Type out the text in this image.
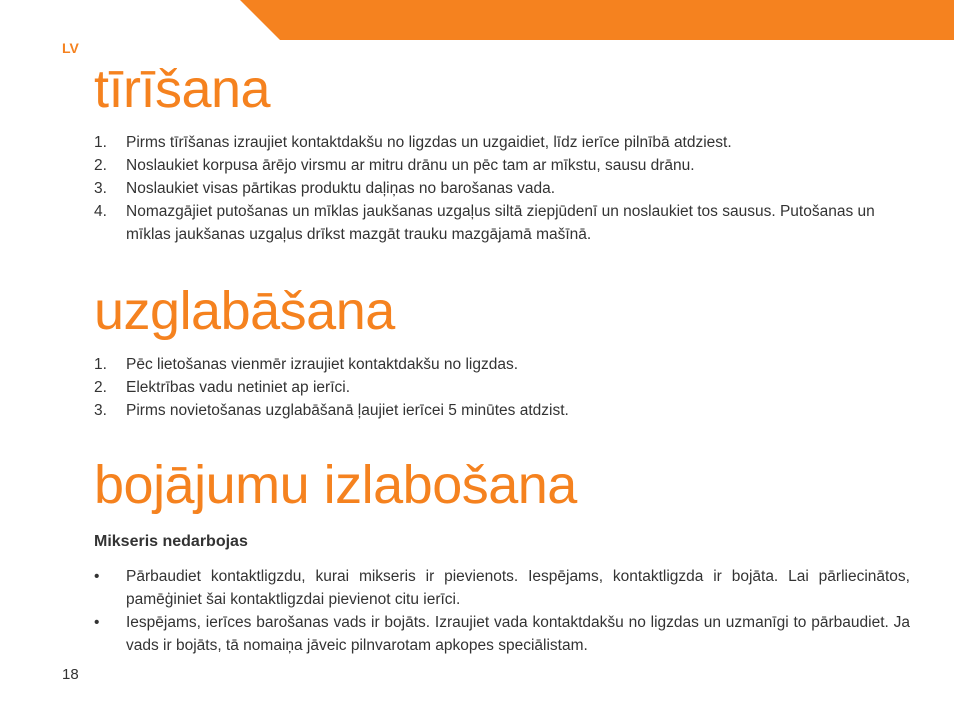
LV
tīrīšana
1. Pirms tīrīšanas izraujiet kontaktdakšu no ligzdas un uzgaidiet, līdz ierīce pilnībā atdziest.
2. Noslaukiet korpusa ārējo virsmu ar mitru drānu un pēc tam ar mīkstu, sausu drānu.
3. Noslaukiet visas pārtikas produktu daļiņas no barošanas vada.
4. Nomazgājiet putošanas un mīklas jaukšanas uzgaļus siltā ziepjūdenī un noslaukiet tos sausus. Putošanas un mīklas jaukšanas uzgaļus drīkst mazgāt trauku mazgājamā mašīnā.
uzglabāšana
1. Pēc lietošanas vienmēr izraujiet kontaktdakšu no ligzdas.
2. Elektrības vadu netiniet ap ierīci.
3. Pirms novietošanas uzglabāšanā ļaujiet ierīcei 5 minūtes atdzist.
bojājumu izlabošana
Mikseris nedarbojas
• Pārbaudiet kontaktligzdu, kurai mikseris ir pievienots. Iespējams, kontaktligzda ir bojāta. Lai pārliecinātos, pamēģiniet šai kontaktligzdai pievienot citu ierīci.
• Iespējams, ierīces barošanas vads ir bojāts. Izraujiet vada kontaktdakšu no ligzdas un uzmanīgi to pārbaudiet. Ja vads ir bojāts, tā nomaiņa jāveic pilnvarotam apkopes speciālistam.
18
